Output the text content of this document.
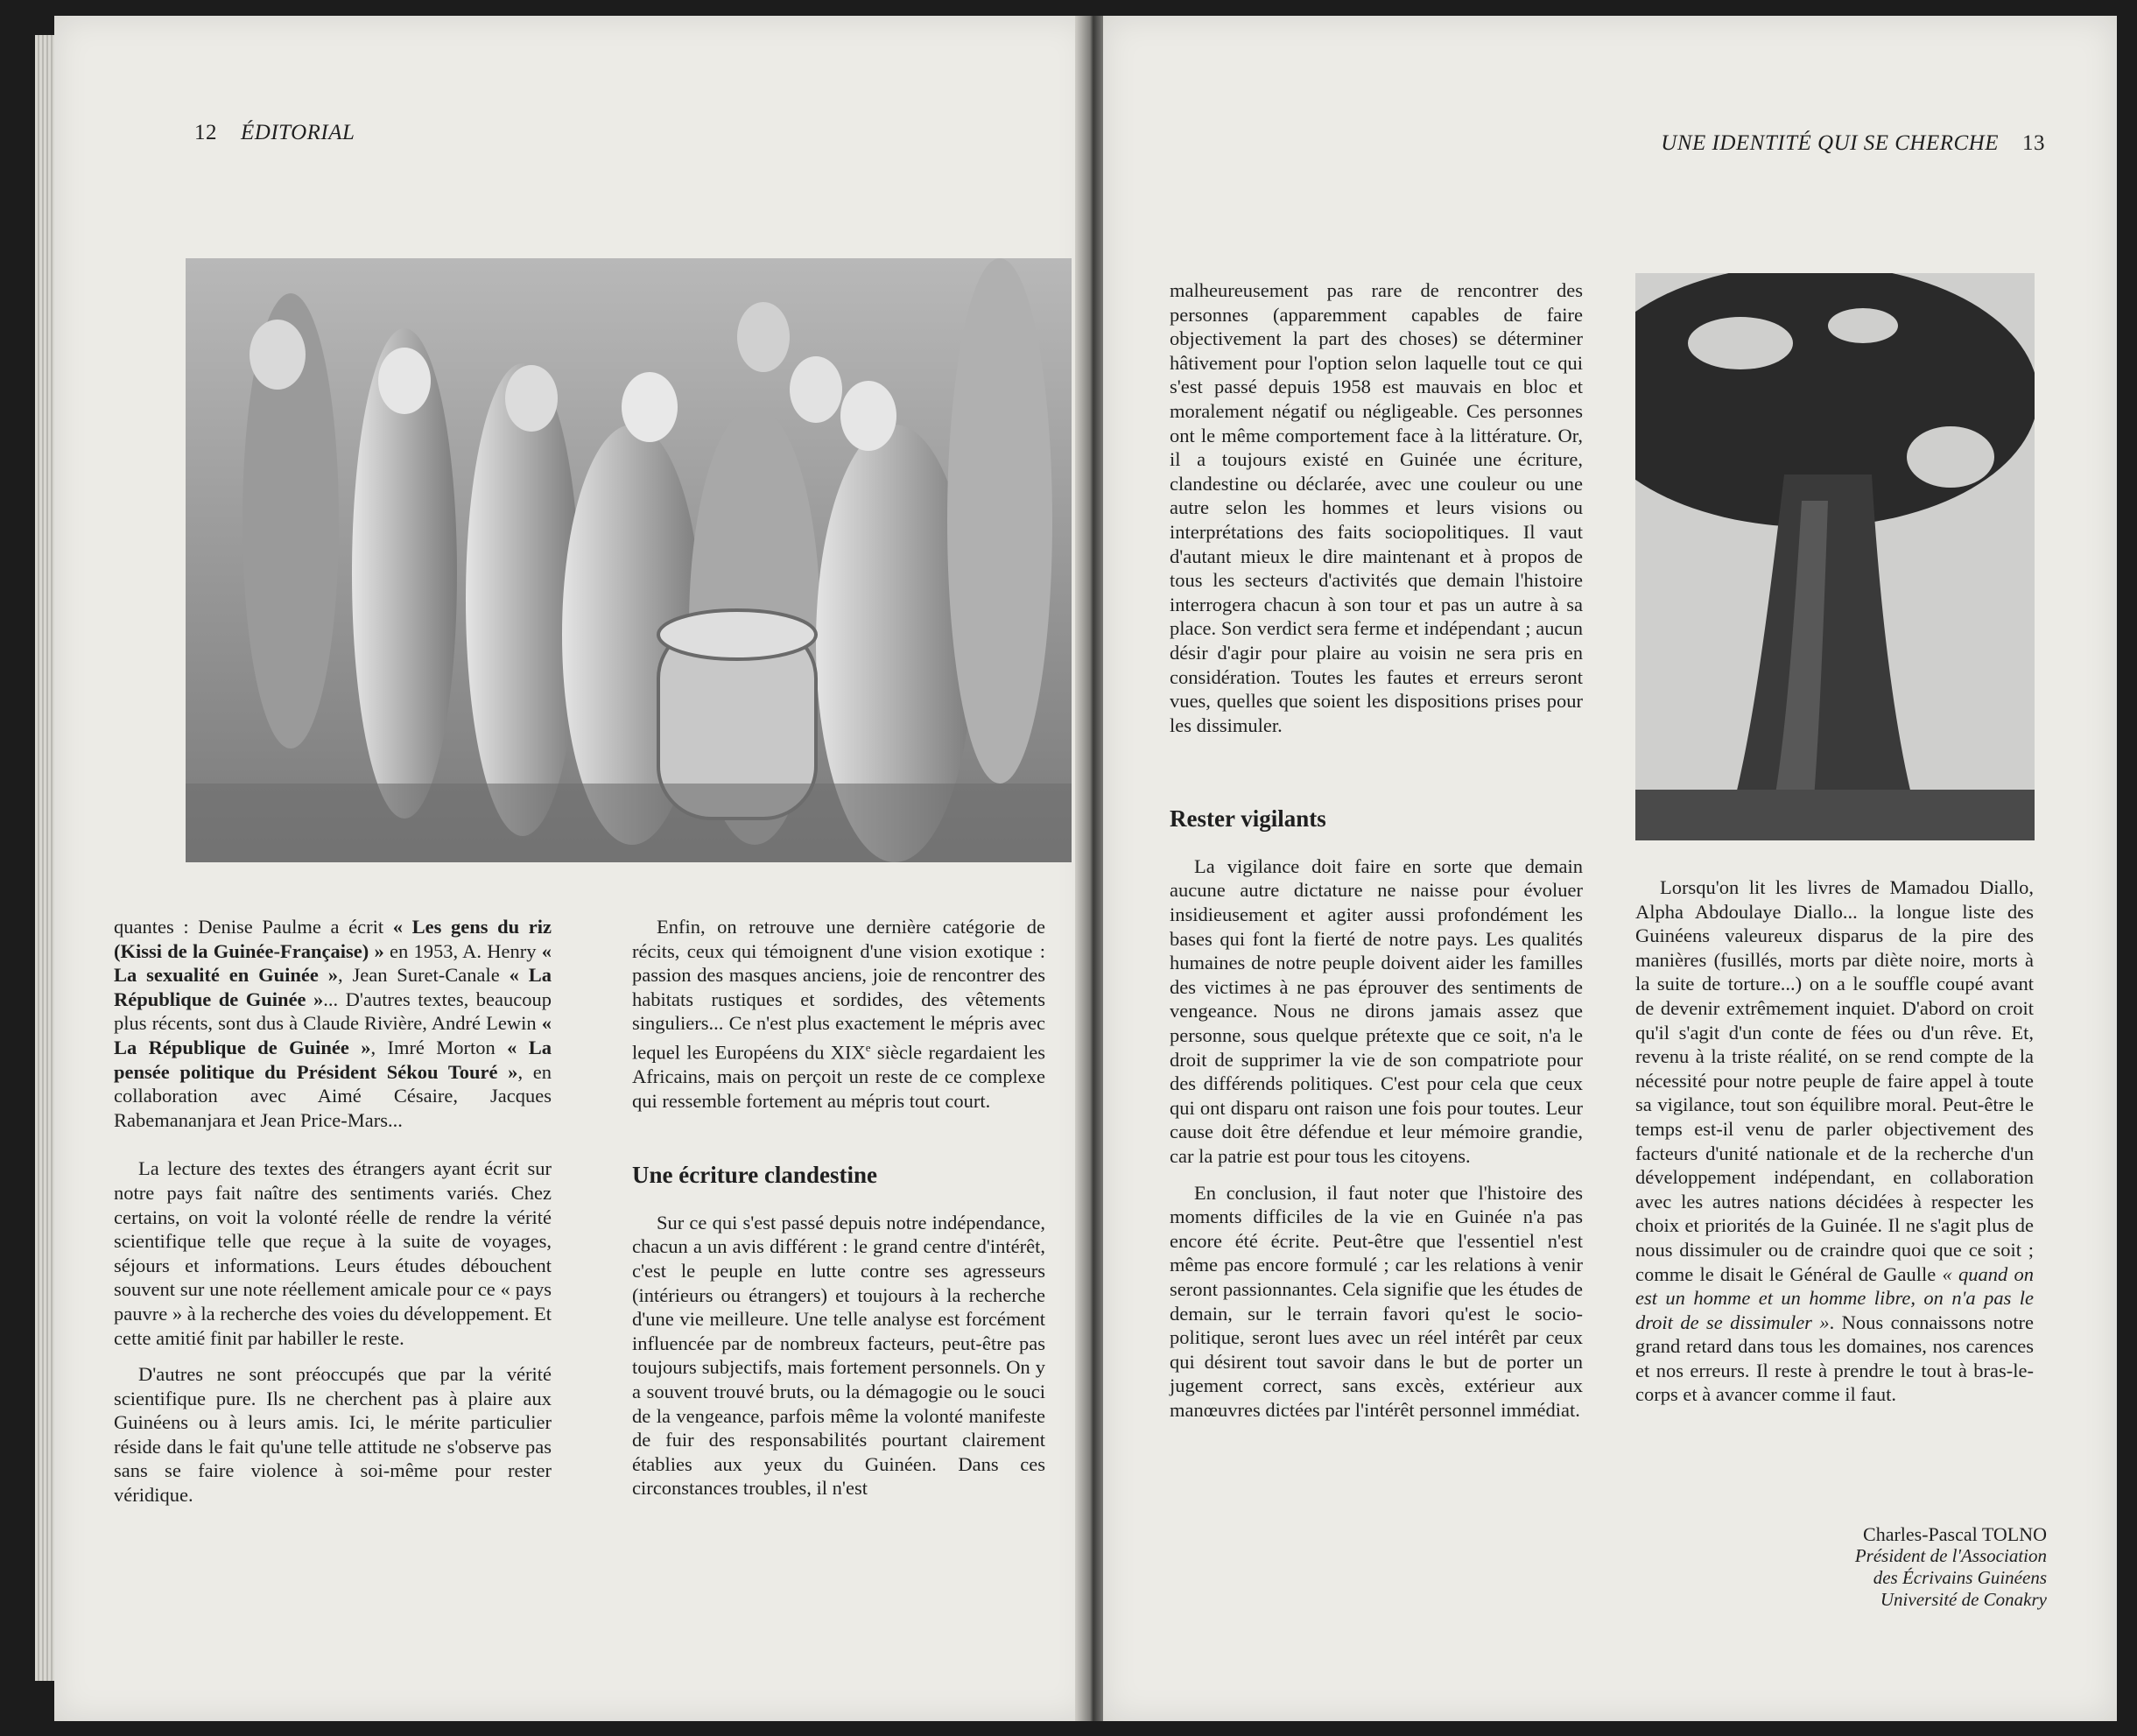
12 ÉDITORIAL

quantes : Denise Paulme a écrit « Les gens du riz (Kissi de la Guinée-Française) » en 1953, A. Henry « La sexualité en Guinée », Jean Suret-Canale « La République de Guinée »... D'autres textes, beaucoup plus récents, sont dus à Claude Rivière, André Lewin « La République de Guinée », Imré Morton « La pensée politique du Président Sékou Touré », en collaboration avec Aimé Césaire, Jacques Rabemananjara et Jean Price-Mars...

La lecture des textes des étrangers ayant écrit sur notre pays fait naître des sentiments variés. Chez certains, on voit la volonté réelle de rendre la vérité scientifique telle que reçue à la suite de voyages, séjours et informations. Leurs études débouchent souvent sur une note réellement amicale pour ce « pays pauvre » à la recherche des voies du développement. Et cette amitié finit par habiller le reste.

D'autres ne sont préoccupés que par la vérité scientifique pure. Ils ne cherchent pas à plaire aux Guinéens ou à leurs amis. Ici, le mérite particulier réside dans le fait qu'une telle attitude ne s'observe pas sans se faire violence à soi-même pour rester véridique.

Enfin, on retrouve une dernière catégorie de récits, ceux qui témoignent d'une vision exotique : passion des masques anciens, joie de rencontrer des habitats rustiques et sordides, des vêtements singuliers... Ce n'est plus exactement le mépris avec lequel les Européens du XIXe siècle regardaient les Africains, mais on perçoit un reste de ce complexe qui ressemble fortement au mépris tout court.

Une écriture clandestine

Sur ce qui s'est passé depuis notre indépendance, chacun a un avis différent : le grand centre d'intérêt, c'est le peuple en lutte contre ses agresseurs (intérieurs ou étrangers) et toujours à la recherche d'une vie meilleure. Une telle analyse est forcément influencée par de nombreux facteurs, peut-être pas toujours subjectifs, mais fortement personnels. On y a souvent trouvé bruts, ou la démagogie ou le souci de la vengeance, parfois même la volonté manifeste de fuir des responsabilités pourtant clairement établies aux yeux du Guinéen. Dans ces circonstances troubles, il n'est

UNE IDENTITÉ QUI SE CHERCHE 13

malheureusement pas rare de rencontrer des personnes (apparemment capables de faire objectivement la part des choses) se déterminer hâtivement pour l'option selon laquelle tout ce qui s'est passé depuis 1958 est mauvais en bloc et moralement négatif ou négligeable. Ces personnes ont le même comportement face à la littérature. Or, il a toujours existé en Guinée une écriture, clandestine ou déclarée, avec une couleur ou une autre selon les hommes et leurs visions ou interprétations des faits sociopolitiques. Il vaut d'autant mieux le dire maintenant et à propos de tous les secteurs d'activités que demain l'histoire interrogera chacun à son tour et pas un autre à sa place. Son verdict sera ferme et indépendant ; aucun désir d'agir pour plaire au voisin ne sera pris en considération. Toutes les fautes et erreurs seront vues, quelles que soient les dispositions prises pour les dissimuler.

Rester vigilants

La vigilance doit faire en sorte que demain aucune autre dictature ne naisse pour évoluer insidieusement et agiter aussi profondément les bases qui font la fierté de notre pays. Les qualités humaines de notre peuple doivent aider les familles des victimes à ne pas éprouver des sentiments de vengeance. Nous ne dirons jamais assez que personne, sous quelque prétexte que ce soit, n'a le droit de supprimer la vie de son compatriote pour des différends politiques. C'est pour cela que ceux qui ont disparu ont raison une fois pour toutes. Leur cause doit être défendue et leur mémoire grandie, car la patrie est pour tous les citoyens.

En conclusion, il faut noter que l'histoire des moments difficiles de la vie en Guinée n'a pas encore été écrite. Peut-être que l'essentiel n'est même pas encore formulé ; car les relations à venir seront passionnantes. Cela signifie que les études de demain, sur le terrain favori qu'est le socio-politique, seront lues avec un réel intérêt par ceux qui désirent tout savoir dans le but de porter un jugement correct, sans excès, extérieur aux manœuvres dictées par l'intérêt personnel immédiat.

Lorsqu'on lit les livres de Mamadou Diallo, Alpha Abdoulaye Diallo... la longue liste des Guinéens valeureux disparus de la pire des manières (fusillés, morts par diète noire, morts à la suite de torture...) on a le souffle coupé avant de devenir extrêmement inquiet. D'abord on croit qu'il s'agit d'un conte de fées ou d'un rêve. Et, revenu à la triste réalité, on se rend compte de la nécessité pour notre peuple de faire appel à toute sa vigilance, tout son équilibre moral. Peut-être le temps est-il venu de parler objectivement des facteurs d'unité nationale et de la recherche d'un développement indépendant, en collaboration avec les autres nations décidées à respecter les choix et priorités de la Guinée. Il ne s'agit plus de nous dissimuler ou de craindre quoi que ce soit ; comme le disait le Général de Gaulle « quand on est un homme et un homme libre, on n'a pas le droit de se dissimuler ». Nous connaissons notre grand retard dans tous les domaines, nos carences et nos erreurs. Il reste à prendre le tout à bras-le-corps et à avancer comme il faut.

Charles-Pascal TOLNO
Président de l'Association
des Écrivains Guinéens
Université de Conakry
